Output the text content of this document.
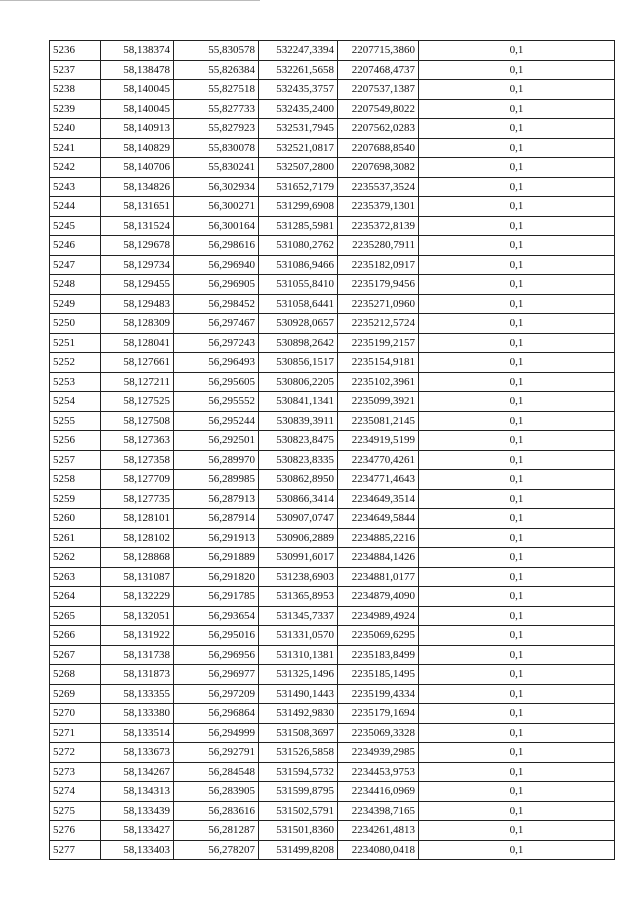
5236	58,138374	55,830578	532247,3394	2207715,3860	0,1
5237	58,138478	55,826384	532261,5658	2207468,4737	0,1
5238	58,140045	55,827518	532435,3757	2207537,1387	0,1
5239	58,140045	55,827733	532435,2400	2207549,8022	0,1
5240	58,140913	55,827923	532531,7945	2207562,0283	0,1
5241	58,140829	55,830078	532521,0817	2207688,8540	0,1
5242	58,140706	55,830241	532507,2800	2207698,3082	0,1
5243	58,134826	56,302934	531652,7179	2235537,3524	0,1
5244	58,131651	56,300271	531299,6908	2235379,1301	0,1
5245	58,131524	56,300164	531285,5981	2235372,8139	0,1
5246	58,129678	56,298616	531080,2762	2235280,7911	0,1
5247	58,129734	56,296940	531086,9466	2235182,0917	0,1
5248	58,129455	56,296905	531055,8410	2235179,9456	0,1
5249	58,129483	56,298452	531058,6441	2235271,0960	0,1
5250	58,128309	56,297467	530928,0657	2235212,5724	0,1
5251	58,128041	56,297243	530898,2642	2235199,2157	0,1
5252	58,127661	56,296493	530856,1517	2235154,9181	0,1
5253	58,127211	56,295605	530806,2205	2235102,3961	0,1
5254	58,127525	56,295552	530841,1341	2235099,3921	0,1
5255	58,127508	56,295244	530839,3911	2235081,2145	0,1
5256	58,127363	56,292501	530823,8475	2234919,5199	0,1
5257	58,127358	56,289970	530823,8335	2234770,4261	0,1
5258	58,127709	56,289985	530862,8950	2234771,4643	0,1
5259	58,127735	56,287913	530866,3414	2234649,3514	0,1
5260	58,128101	56,287914	530907,0747	2234649,5844	0,1
5261	58,128102	56,291913	530906,2889	2234885,2216	0,1
5262	58,128868	56,291889	530991,6017	2234884,1426	0,1
5263	58,131087	56,291820	531238,6903	2234881,0177	0,1
5264	58,132229	56,291785	531365,8953	2234879,4090	0,1
5265	58,132051	56,293654	531345,7337	2234989,4924	0,1
5266	58,131922	56,295016	531331,0570	2235069,6295	0,1
5267	58,131738	56,296956	531310,1381	2235183,8499	0,1
5268	58,131873	56,296977	531325,1496	2235185,1495	0,1
5269	58,133355	56,297209	531490,1443	2235199,4334	0,1
5270	58,133380	56,296864	531492,9830	2235179,1694	0,1
5271	58,133514	56,294999	531508,3697	2235069,3328	0,1
5272	58,133673	56,292791	531526,5858	2234939,2985	0,1
5273	58,134267	56,284548	531594,5732	2234453,9753	0,1
5274	58,134313	56,283905	531599,8795	2234416,0969	0,1
5275	58,133439	56,283616	531502,5791	2234398,7165	0,1
5276	58,133427	56,281287	531501,8360	2234261,4813	0,1
5277	58,133403	56,278207	531499,8208	2234080,0418	0,1
